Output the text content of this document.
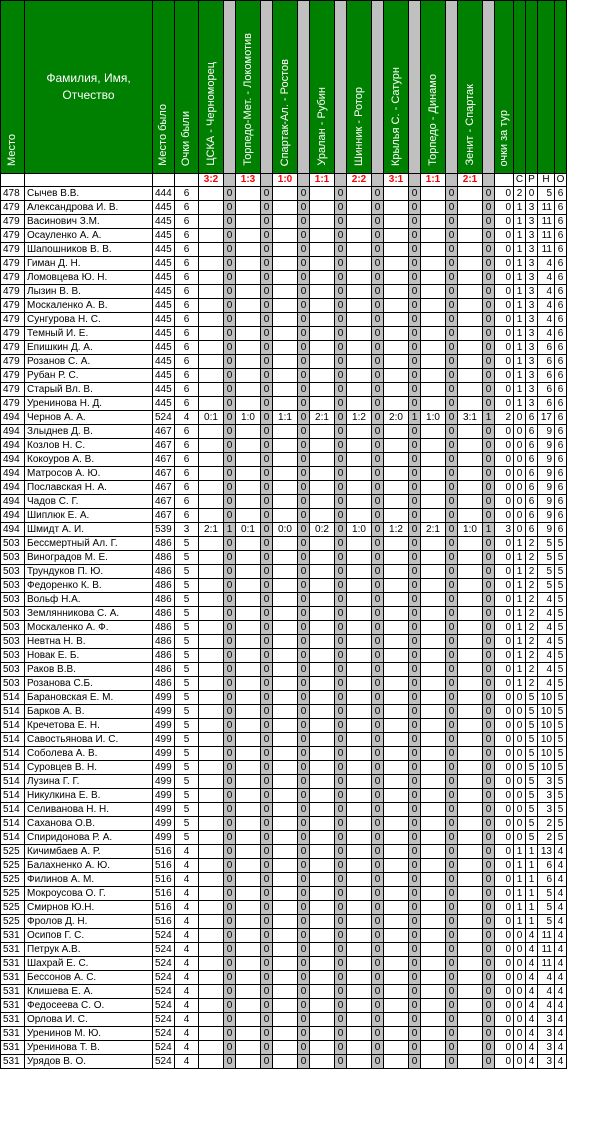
Место	Фамилия, Имя, Отчество	Место было	Очки были	ЦСКА - Черноморец		Торпедо-Мет. - Локомотив		Спартак-Ал. - Ростов		Уралан - Рубин		Шинник - Ротор		Крылья С. - Сатурн		Торпедо - Динамо		Зенит - Спартак		очки за тур				
				3:2		1:3		1:0		1:1		2:2		3:1		1:1		2:1			С	Р	Н	О
478	Сычев В.В.	444	6		0		0		0		0		0		0		0		0	0	2	0	5	6
479	Александрова И. В.	445	6		0		0		0		0		0		0		0		0	0	1	3	11	6
479	Васинович З.М.	445	6		0		0		0		0		0		0		0		0	0	1	3	11	6
479	Осауленко А. А.	445	6		0		0		0		0		0		0		0		0	0	1	3	11	6
479	Шапошников В. В.	445	6		0		0		0		0		0		0		0		0	0	1	3	11	6
479	Гиман Д. Н.	445	6		0		0		0		0		0		0		0		0	0	1	3	4	6
479	Ломовцева Ю. Н.	445	6		0		0		0		0		0		0		0		0	0	1	3	4	6
479	Лызин В. В.	445	6		0		0		0		0		0		0		0		0	0	1	3	4	6
479	Москаленко А. В.	445	6		0		0		0		0		0		0		0		0	0	1	3	4	6
479	Сунгурова Н. С.	445	6		0		0		0		0		0		0		0		0	0	1	3	4	6
479	Темный И. Е.	445	6		0		0		0		0		0		0		0		0	0	1	3	4	6
479	Епишкин Д. А.	445	6		0		0		0		0		0		0		0		0	0	1	3	6	6
479	Розанов С. А.	445	6		0		0		0		0		0		0		0		0	0	1	3	6	6
479	Рубан Р. С.	445	6		0		0		0		0		0		0		0		0	0	1	3	6	6
479	Старый Вл. В.	445	6		0		0		0		0		0		0		0		0	0	1	3	6	6
479	Уренинова Н. Д.	445	6		0		0		0		0		0		0		0		0	0	1	3	6	6
494	Чернов А. А.	524	4	0:1	0	1:0	0	1:1	0	2:1	0	1:2	0	2:0	1	1:0	0	3:1	1	2	0	6	17	6
494	Злыднев Д. В.	467	6		0		0		0		0		0		0		0		0	0	0	6	9	6
494	Козлов Н. С.	467	6		0		0		0		0		0		0		0		0	0	0	6	9	6
494	Кокоуров А. В.	467	6		0		0		0		0		0		0		0		0	0	0	6	9	6
494	Матросов А. Ю.	467	6		0		0		0		0		0		0		0		0	0	0	6	9	6
494	Пославская Н. А.	467	6		0		0		0		0		0		0		0		0	0	0	6	9	6
494	Чадов С. Г.	467	6		0		0		0		0		0		0		0		0	0	0	6	9	6
494	Шиплюк Е. А.	467	6		0		0		0		0		0		0		0		0	0	0	6	9	6
494	Шмидт А. И.	539	3	2:1	1	0:1	0	0:0	0	0:2	0	1:0	0	1:2	0	2:1	0	1:0	1	3	0	6	9	6
503	Бессмертный Ал. Г.	486	5		0		0		0		0		0		0		0		0	0	1	2	5	5
503	Виноградов М. Е.	486	5		0		0		0		0		0		0		0		0	0	1	2	5	5
503	Трундуков П. Ю.	486	5		0		0		0		0		0		0		0		0	0	1	2	5	5
503	Федоренко К. В.	486	5		0		0		0		0		0		0		0		0	0	1	2	5	5
503	Вольф Н.А.	486	5		0		0		0		0		0		0		0		0	0	1	2	4	5
503	Землянникова С. А.	486	5		0		0		0		0		0		0		0		0	0	1	2	4	5
503	Москаленко А. Ф.	486	5		0		0		0		0		0		0		0		0	0	1	2	4	5
503	Невтна Н. В.	486	5		0		0		0		0		0		0		0		0	0	1	2	4	5
503	Новак Е. Б.	486	5		0		0		0		0		0		0		0		0	0	1	2	4	5
503	Раков В.В.	486	5		0		0		0		0		0		0		0		0	0	1	2	4	5
503	Розанова С.Б.	486	5		0		0		0		0		0		0		0		0	0	1	2	4	5
514	Барановская Е. М.	499	5		0		0		0		0		0		0		0		0	0	0	5	10	5
514	Барков А. В.	499	5		0		0		0		0		0		0		0		0	0	0	5	10	5
514	Кречетова Е. Н.	499	5		0		0		0		0		0		0		0		0	0	0	5	10	5
514	Савостьянова И. С.	499	5		0		0		0		0		0		0		0		0	0	0	5	10	5
514	Соболева А. В.	499	5		0		0		0		0		0		0		0		0	0	0	5	10	5
514	Суровцев В. Н.	499	5		0		0		0		0		0		0		0		0	0	0	5	10	5
514	Лузина Г. Г.	499	5		0		0		0		0		0		0		0		0	0	0	5	3	5
514	Никулкина Е. В.	499	5		0		0		0		0		0		0		0		0	0	0	5	3	5
514	Селиванова Н. Н.	499	5		0		0		0		0		0		0		0		0	0	0	5	3	5
514	Саханова О.В.	499	5		0		0		0		0		0		0		0		0	0	0	5	2	5
514	Спиридонова Р. А.	499	5		0		0		0		0		0		0		0		0	0	0	5	2	5
525	Кичимбаев А. Р.	516	4		0		0		0		0		0		0		0		0	0	1	1	13	4
525	Балахненко А. Ю.	516	4		0		0		0		0		0		0		0		0	0	1	1	6	4
525	Филинов А. М.	516	4		0		0		0		0		0		0		0		0	0	1	1	6	4
525	Мокроусова О. Г.	516	4		0		0		0		0		0		0		0		0	0	1	1	5	4
525	Смирнов Ю.Н.	516	4		0		0		0		0		0		0		0		0	0	1	1	5	4
525	Фролов Д. Н.	516	4		0		0		0		0		0		0		0		0	0	1	1	5	4
531	Осипов Г. С.	524	4		0		0		0		0		0		0		0		0	0	0	4	11	4
531	Петрук А.В.	524	4		0		0		0		0		0		0		0		0	0	0	4	11	4
531	Шахрай Е. С.	524	4		0		0		0		0		0		0		0		0	0	0	4	11	4
531	Бессонов А. С.	524	4		0		0		0		0		0		0		0		0	0	0	4	4	4
531	Клишева Е. А.	524	4		0		0		0		0		0		0		0		0	0	0	4	4	4
531	Федосеева С. О.	524	4		0		0		0		0		0		0		0		0	0	0	4	4	4
531	Орлова И. С.	524	4		0		0		0		0		0		0		0		0	0	0	4	3	4
531	Уренинов М. Ю.	524	4		0		0		0		0		0		0		0		0	0	0	4	3	4
531	Уренинова Т. В.	524	4		0		0		0		0		0		0		0		0	0	0	4	3	4
531	Урядов В. О.	524	4		0		0		0		0		0		0		0		0	0	0	4	3	4
